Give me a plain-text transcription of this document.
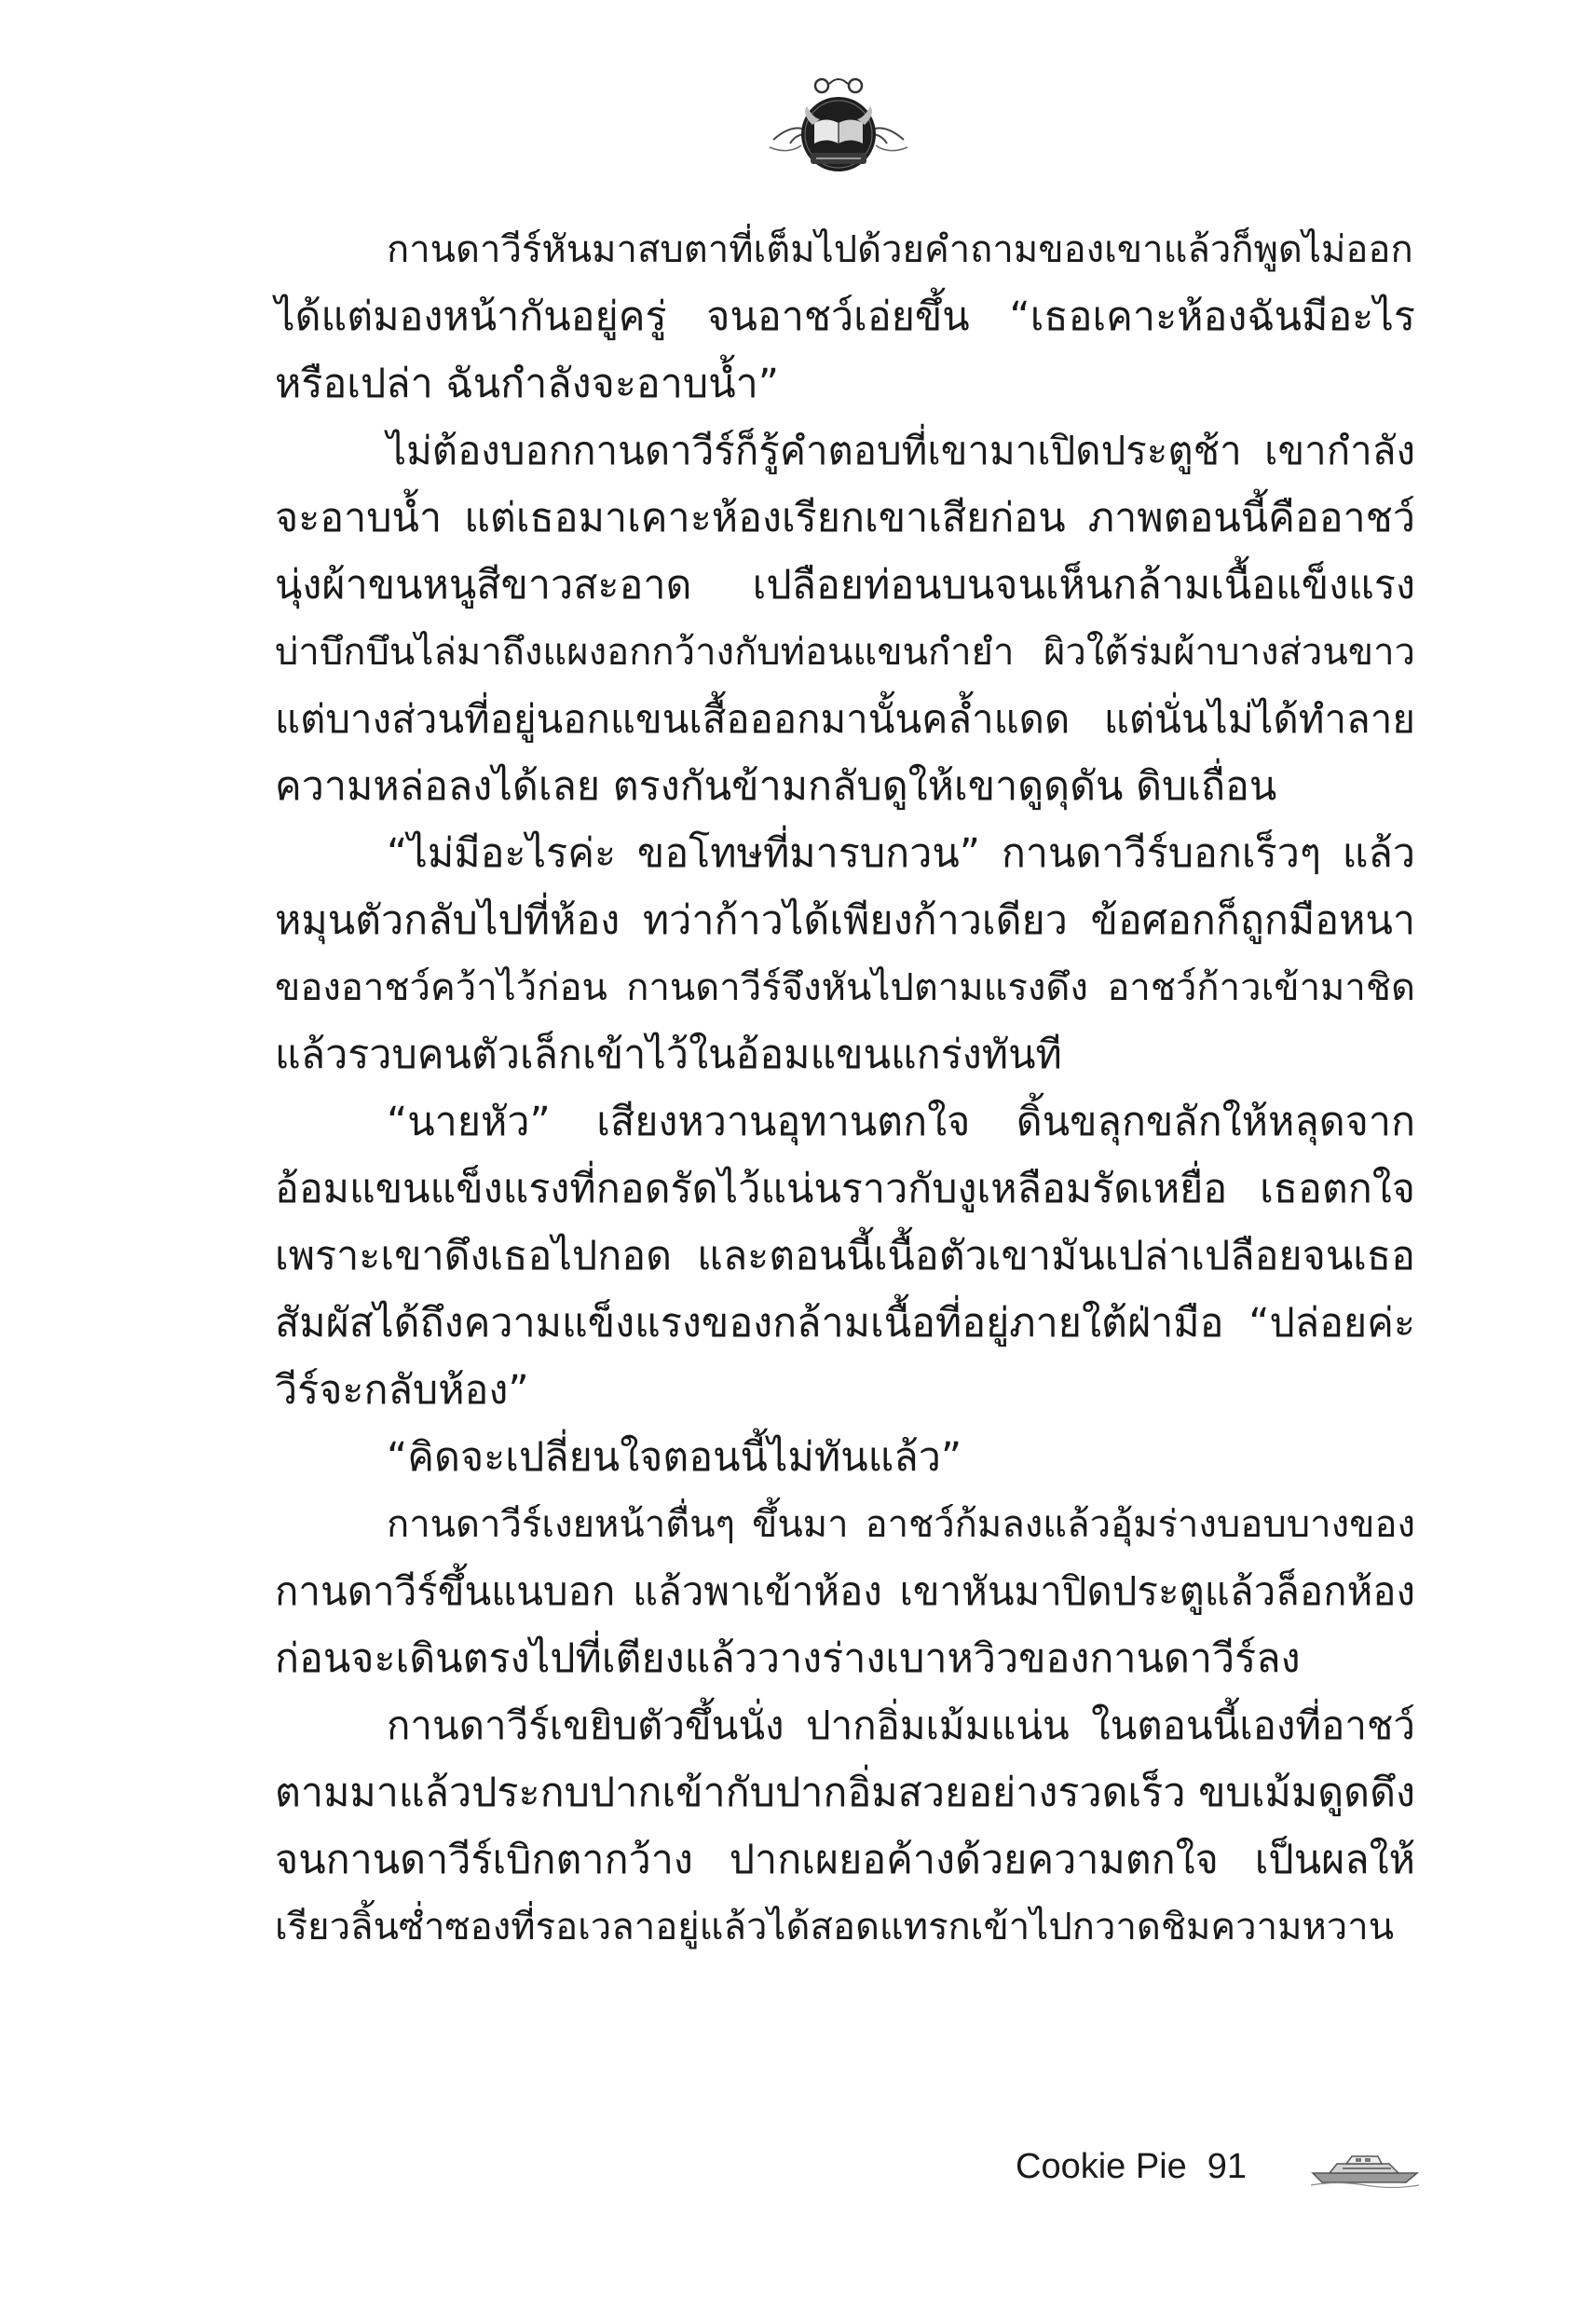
กานดาวีร์หันมาสบตาที่เต็มไปด้วยคำถามของเขาแล้วก็พูดไม่ออก
ได้แต่มองหน้ากันอยู่ครู่ จนอาชว์เอ่ยขึ้น “เธอเคาะห้องฉันมีอะไร
หรือเปล่า ฉันกำลังจะอาบน้ำ”
ไม่ต้องบอกกานดาวีร์ก็รู้คำตอบที่เขามาเปิดประตูช้า เขากำลัง
จะอาบน้ำ แต่เธอมาเคาะห้องเรียกเขาเสียก่อน ภาพตอนนี้คืออาชว์
นุ่งผ้าขนหนูสีขาวสะอาด เปลือยท่อนบนจนเห็นกล้ามเนื้อแข็งแรง
บ่าบึกบึนไล่มาถึงแผงอกกว้างกับท่อนแขนกำยำ ผิวใต้ร่มผ้าบางส่วนขาว
แต่บางส่วนที่อยู่นอกแขนเสื้อออกมานั้นคล้ำแดด แต่นั่นไม่ได้ทำลาย
ความหล่อลงได้เลย ตรงกันข้ามกลับดูให้เขาดูดุดัน ดิบเถื่อน
“ไม่มีอะไรค่ะ ขอโทษที่มารบกวน” กานดาวีร์บอกเร็วๆ แล้ว
หมุนตัวกลับไปที่ห้อง ทว่าก้าวได้เพียงก้าวเดียว ข้อศอกก็ถูกมือหนา
ของอาชว์คว้าไว้ก่อน กานดาวีร์จึงหันไปตามแรงดึง อาชว์ก้าวเข้ามาชิด
แล้วรวบคนตัวเล็กเข้าไว้ในอ้อมแขนแกร่งทันที
“นายหัว” เสียงหวานอุทานตกใจ ดิ้นขลุกขลักให้หลุดจาก
อ้อมแขนแข็งแรงที่กอดรัดไว้แน่นราวกับงูเหลือมรัดเหยื่อ เธอตกใจ
เพราะเขาดึงเธอไปกอด และตอนนี้เนื้อตัวเขามันเปล่าเปลือยจนเธอ
สัมผัสได้ถึงความแข็งแรงของกล้ามเนื้อที่อยู่ภายใต้ฝ่ามือ “ปล่อยค่ะ
วีร์จะกลับห้อง”
“คิดจะเปลี่ยนใจตอนนี้ไม่ทันแล้ว”
กานดาวีร์เงยหน้าตื่นๆ ขึ้นมา อาชว์ก้มลงแล้วอุ้มร่างบอบบางของ
กานดาวีร์ขึ้นแนบอก แล้วพาเข้าห้อง เขาหันมาปิดประตูแล้วล็อกห้อง
ก่อนจะเดินตรงไปที่เตียงแล้ววางร่างเบาหวิวของกานดาวีร์ลง
กานดาวีร์เขยิบตัวขึ้นนั่ง ปากอิ่มเม้มแน่น ในตอนนี้เองที่อาชว์
ตามมาแล้วประกบปากเข้ากับปากอิ่มสวยอย่างรวดเร็ว ขบเม้มดูดดึง
จนกานดาวีร์เบิกตากว้าง ปากเผยอค้างด้วยความตกใจ เป็นผลให้
เรียวลิ้นซ่ำซองที่รอเวลาอยู่แล้วได้สอดแทรกเข้าไปกวาดชิมความหวาน
Cookie Pie 91
